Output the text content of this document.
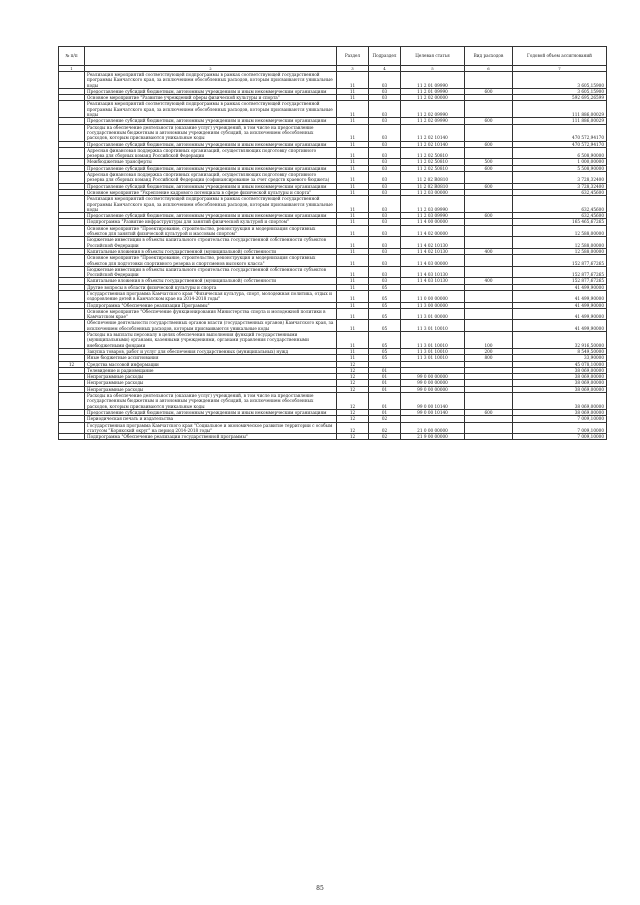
№ п/п		Раздел	Подраздел	Целевая статья	Вид расходов	Годовой объем ассигнований
1	2	3	4	5	6	7
	Реализация мероприятий соответствующей подпрограммы в рамках соответствующей государственной программы Камчатского края, за исключением обособленных расходов, которым присваиваются уникальные коды	11	03	11 2 01 09990		3 605,15900
	Предоставление субсидий бюджетным, автономным учреждениям и иным некоммерческим организациям	11	03	11 2 01 09990	600	3 605,15900
	Основное мероприятие "Развитие учреждений сферы физической культуры и спорта"	11	03	11 2 02 00000		592 695,26599
	Реализация мероприятий соответствующей подпрограммы в рамках соответствующей государственной программы Камчатского края, за исключением обособленных расходов, которым присваиваются уникальные коды	11	03	11 2 02 09990		111 886,00029
	Предоставление субсидий бюджетным, автономным учреждениям и иным некоммерческим организациям	11	03	11 2 02 09990	600	111 886,00029
	Расходы на обеспечение деятельности (оказание услуг) учреждений, в том числе на предоставление государственным бюджетным и автономным учреждениям субсидий, за исключением обособленных расходов, которым присваиваются уникальные коды	11	03	11 2 02 10140		470 572,94170
	Предоставление субсидий бюджетным, автономным учреждениям и иным некоммерческим организациям	11	03	11 2 02 10140	600	470 572,94170
	Адресная финансовая поддержка спортивных организаций, осуществляющих подготовку спортивного резерва для сборных команд Российской Федерации	11	03	11 2 02 50810		6 508,90000
	Межбюджетные трансферты	11	03	11 2 02 50810	500	1 000,00000
	Предоставление субсидий бюджетным, автономным учреждениям и иным некоммерческим организациям	11	03	11 2 02 50810	600	5 508,90000
	Адресная финансовая поддержка спортивных организаций, осуществляющих подготовку спортивного резерва для сборных команд Российской Федерации (софинансирование за счет средств краевого бюджета)	11	03	11 2 02 R0810		3 728,32400
	Предоставление субсидий бюджетным, автономным учреждениям и иным некоммерческим организациям	11	03	11 2 02 R0810	600	3 728,32400
	Основное мероприятие "Укрепление кадрового потенциала в сфере физической культуры и спорта"	11	03	11 2 03 00000		632,45600
	Реализация мероприятий соответствующей подпрограммы в рамках соответствующей государственной программы Камчатского края, за исключением обособленных расходов, которым присваиваются уникальные коды	11	03	11 2 03 09990		632,45600
	Предоставление субсидий бюджетным, автономным учреждениям и иным некоммерческим организациям	11	03	11 2 03 09990	600	632,45600
	Подпрограмма "Развитие инфраструктуры для занятий физической культурой и спортом"	11	03	11 4 00 00000		165 465,67265
	Основное мероприятие "Проектирование, строительство, реконструкция и модернизация спортивных объектов для занятий физической культурой и массовым спортом"	11	03	11 4 02 00000		12 588,00000
	Бюджетные инвестиции в объекты капитального строительства государственной собственности субъектов Российской Федерации	11	03	11 4 02 10130		12 588,00000
	Капитальные вложения в объекты государственной (муниципальной) собственности	11	03	11 4 02 10130	400	12 588,00000
	Основное мероприятие "Проектирование, строительство, реконструкция и модернизация спортивных объектов для подготовки спортивного резерва и спортсменов высокого класса"	11	03	11 4 03 00000		152 877,67265
	Бюджетные инвестиции в объекты капитального строительства государственной собственности субъектов Российской Федерации	11	03	11 4 03 10130		152 877,67265
	Капитальные вложения в объекты государственной (муниципальной) собственности	11	03	11 4 03 10130	400	152 877,67265
	Другие вопросы в области физической культуры и спорта	11	05			41 499,90000
	Государственная программа Камчатского края "Физическая культура, спорт, молодежная политика, отдых и оздоровление детей в Камчатском крае на 2014-2018 годы"	11	05	11 0 00 00000		41 499,90000
	Подпрограмма "Обеспечение реализации Программы"	11	05	11 3 00 00000		41 499,90000
	Основное мероприятие "Обеспечение функционирования Министерства спорта и молодежной политики в Камчатском крае"	11	05	11 3 01 00000		41 499,90000
	Обеспечение деятельности государственных органов власти (государственных органов) Камчатского края, за исключением обособленных расходов, которым присваиваются уникальные коды	11	05	11 3 01 10010		41 499,90000
	Расходы на выплаты персоналу в целях обеспечения выполнения функций государственными (муниципальными) органами, казенными учреждениями, органами управления государственными внебюджетными фондами	11	05	11 3 01 10010	100	32 916,50000
	Закупка товаров, работ и услуг для обеспечения государственных (муниципальных) нужд	11	05	11 3 01 10010	200	8 549,50000
	Иные бюджетные ассигнования	11	05	11 3 01 10010	800	33,90000
12	Средства массовой информации	12				45 078,10000
	Телевидение и радиовещание	12	01			38 069,00000
	Непрограммные расходы	12	01	99 0 00 00000		38 069,00000
	Непрограммные расходы	12	01	99 0 00 00000		38 069,00000
	Непрограммные расходы	12	01	99 0 00 00000		38 069,00000
	Расходы на обеспечение деятельности (оказание услуг) учреждений, в том числе на предоставление государственным бюджетным и автономным учреждениям субсидий, за исключением обособленных расходов, которым присваиваются уникальные коды	12	01	99 0 00 10140		38 069,00000
	Предоставление субсидий бюджетным, автономным учреждениям и иным некоммерческим организациям	12	01	99 0 00 10140	600	38 069,00000
	Периодическая печать и издательства	12	02			7 009,10000
	Государственная программа Камчатского края "Социальное и экономическое развитие территории с особым статусом "Корякский округ" на период 2014-2018 годы"	12	02	21 0 00 00000		7 009,10000
	Подпрограмма "Обеспечение реализации государственной программы"	12	02	21 9 00 00000		7 009,10000
85
